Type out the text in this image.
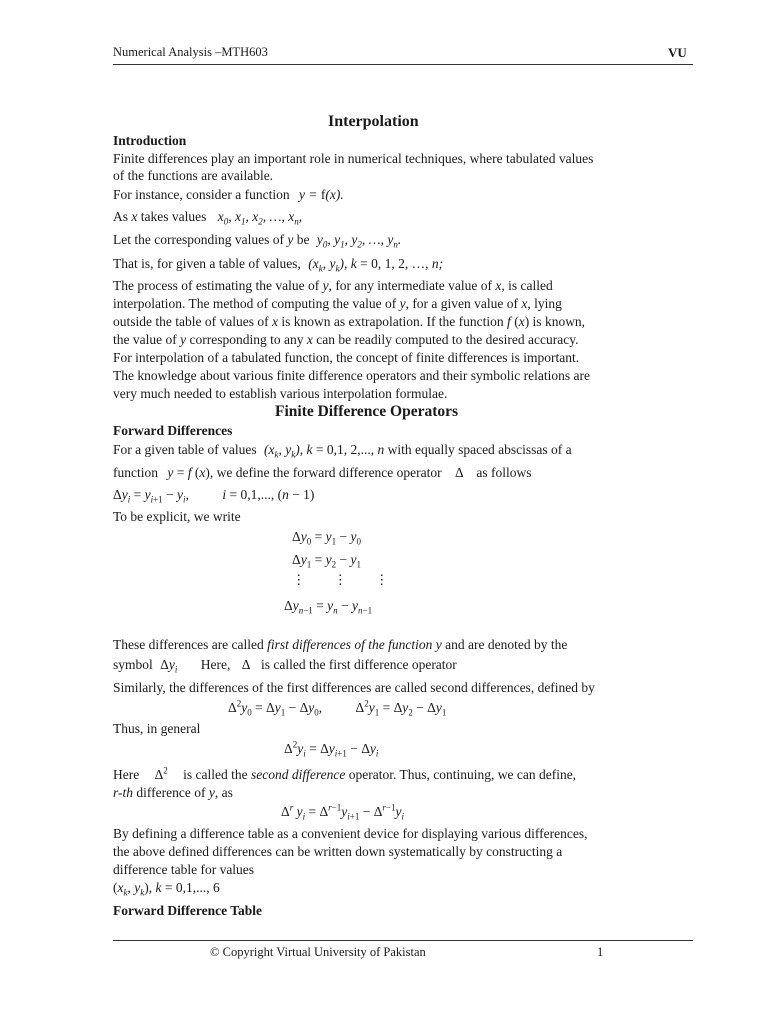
Numerical Analysis –MTH603	VU
Interpolation
Introduction
Finite differences play an important role in numerical techniques, where tabulated values
of the functions are available.
For instance, consider a function y = f(x).
As x takes values $x_0$, $x_1$, $x_2$, …, $x_n$,
Let the corresponding values of y be $y_0$, $y_1$, $y_2$, …, $y_n$.
That is, for given a table of values, ($x_k$, $y_k$), k = 0, 1, 2, …, n;
The process of estimating the value of y, for any intermediate value of x, is called
interpolation. The method of computing the value of y, for a given value of x, lying
outside the table of values of x is known as extrapolation. If the function f (x) is known,
the value of y corresponding to any x can be readily computed to the desired accuracy.
For interpolation of a tabulated function, the concept of finite differences is important.
The knowledge about various finite difference operators and their symbolic relations are
very much needed to establish various interpolation formulae.
Finite Difference Operators
Forward Differences
For a given table of values ($x_k$, $y_k$), k = 0,1, 2,..., n with equally spaced abscissas of a
function y = f (x), we define the forward difference operator Δ as follows
$\Delta y_i = y_{i+1} - y_i$, i = 0,1,..., (n − 1)
To be explicit, we write
$\Delta y_0 = y_1 - y_0$
$\Delta y_1 = y_2 - y_1$
⋮ ⋮ ⋮
$\Delta y_{n-1} = y_n - y_{n-1}$
These differences are called first differences of the function y and are denoted by the
symbol $\Delta y_i$ Here, Δ is called the first difference operator
Similarly, the differences of the first differences are called second differences, defined by
$\Delta^2y_0 = \Delta y_1 - \Delta y_0$, $\Delta^2y_1 = \Delta y_2 - \Delta y_1$
Thus, in general
$\Delta^2y_i = \Delta y_{i+1} - \Delta y_i$
Here $\Delta^2$ is called the second difference operator. Thus, continuing, we can define,
r-th difference of y, as
$\Delta^r$ $y_i = \Delta^{r-1}y_{i+1} - \Delta^{r-1}y_i$
By defining a difference table as a convenient device for displaying various differences,
the above defined differences can be written down systematically by constructing a
difference table for values
($x_k$, $y_k$), k = 0,1,..., 6
Forward Difference Table
© Copyright Virtual University of Pakistan	1
